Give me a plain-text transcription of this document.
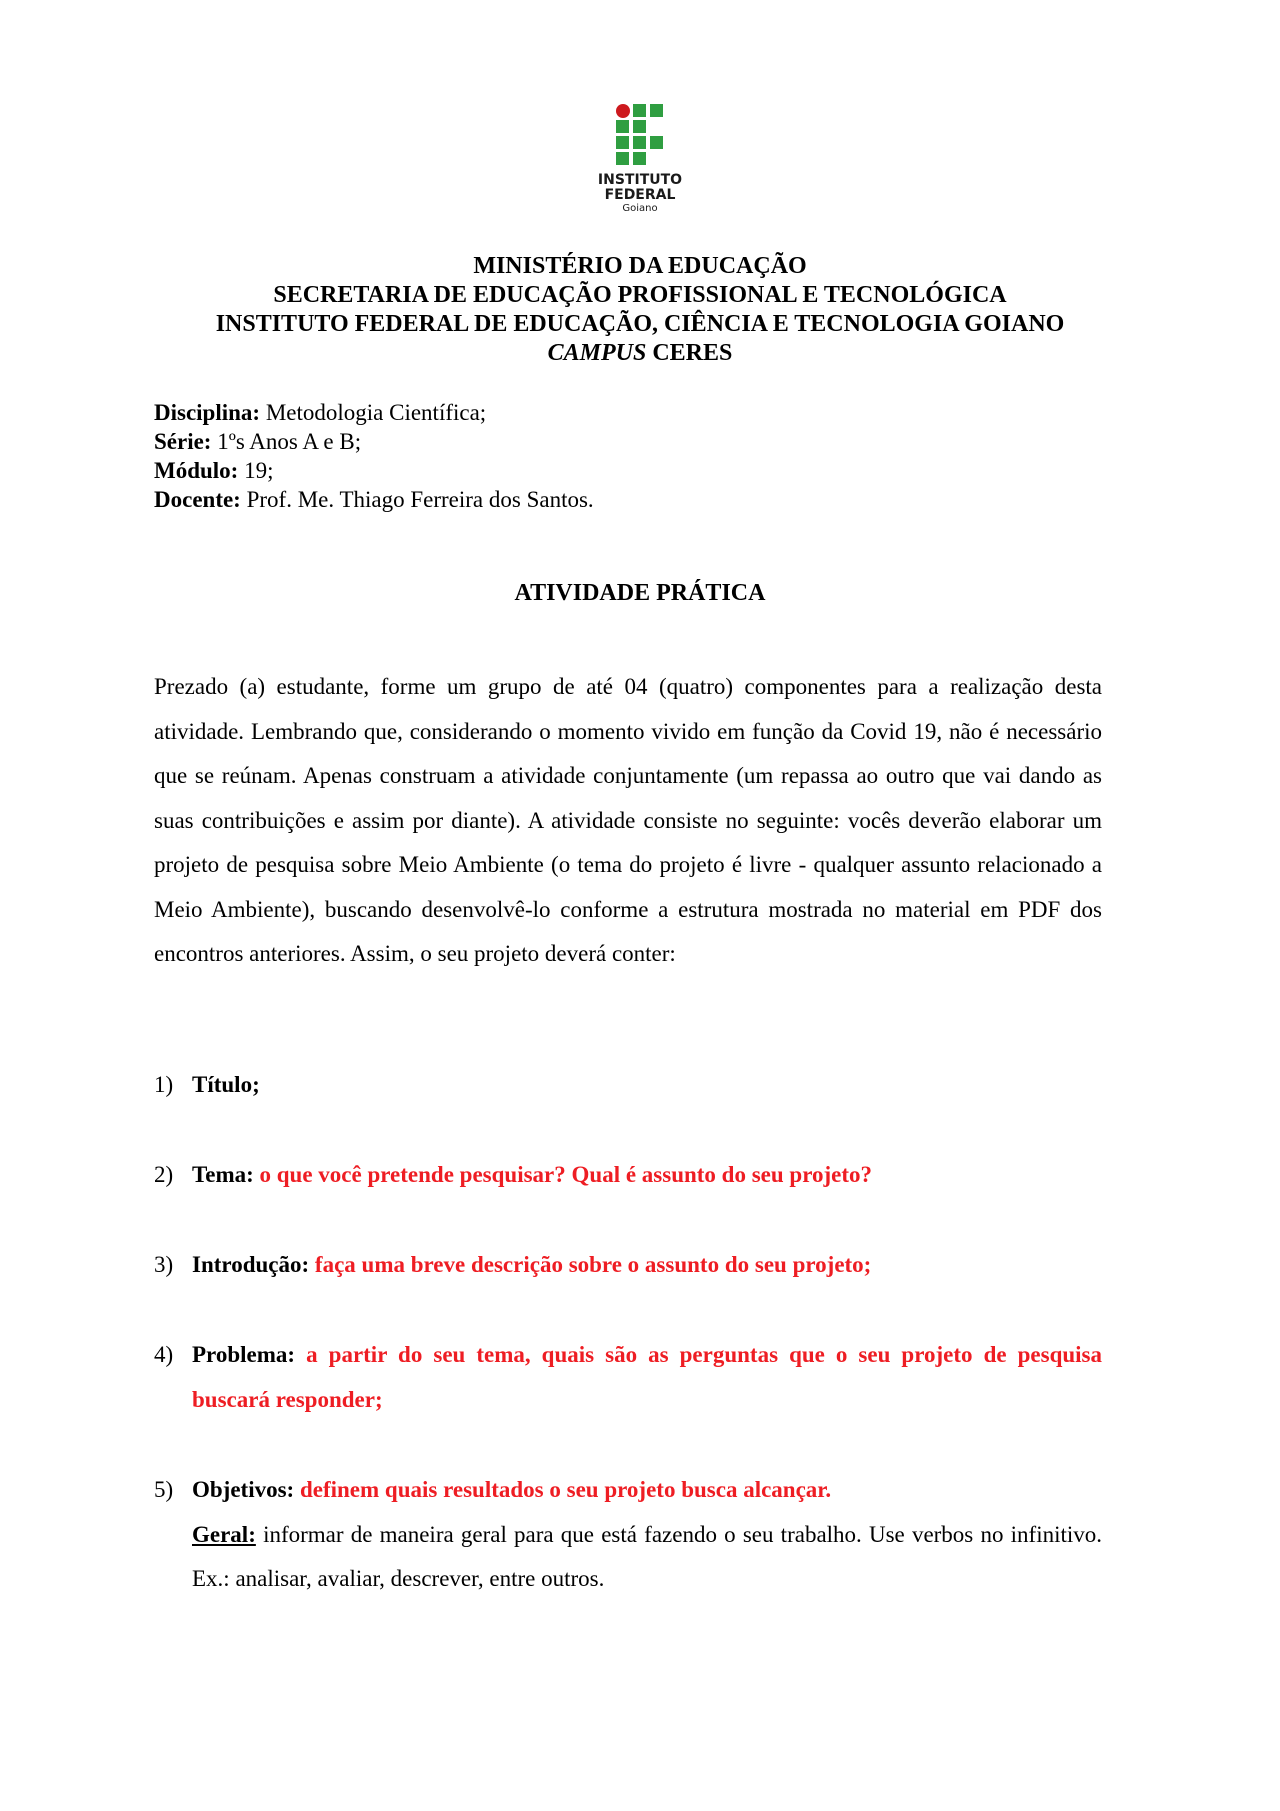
INSTITUTO
FEDERAL
Goiano
MINISTÉRIO DA EDUCAÇÃO
SECRETARIA DE EDUCAÇÃO PROFISSIONAL E TECNOLÓGICA
INSTITUTO FEDERAL DE EDUCAÇÃO, CIÊNCIA E TECNOLOGIA GOIANO
CAMPUS CERES
Disciplina: Metodologia Científica;
Série: 1ºs Anos A e B;
Módulo: 19;
Docente: Prof. Me. Thiago Ferreira dos Santos.
ATIVIDADE PRÁTICA

Prezado (a) estudante, forme um grupo de até 04 (quatro) componentes para a realização desta atividade. Lembrando que, considerando o momento vivido em função da Covid 19, não é necessário que se reúnam. Apenas construam a atividade conjuntamente (um repassa ao outro que vai dando as suas contribuições e assim por diante). A atividade consiste no seguinte: vocês deverão elaborar um projeto de pesquisa sobre Meio Ambiente (o tema do projeto é livre - qualquer assunto relacionado a Meio Ambiente), buscando desenvolvê-lo conforme a estrutura mostrada no material em PDF dos encontros anteriores. Assim, o seu projeto deverá conter:

1) Título;
2) Tema: o que você pretende pesquisar? Qual é assunto do seu projeto?
3) Introdução: faça uma breve descrição sobre o assunto do seu projeto;
4) Problema: a partir do seu tema, quais são as perguntas que o seu projeto de pesquisa buscará responder;
5) Objetivos: definem quais resultados o seu projeto busca alcançar.
Geral: informar de maneira geral para que está fazendo o seu trabalho. Use verbos no infinitivo. Ex.: analisar, avaliar, descrever, entre outros.
